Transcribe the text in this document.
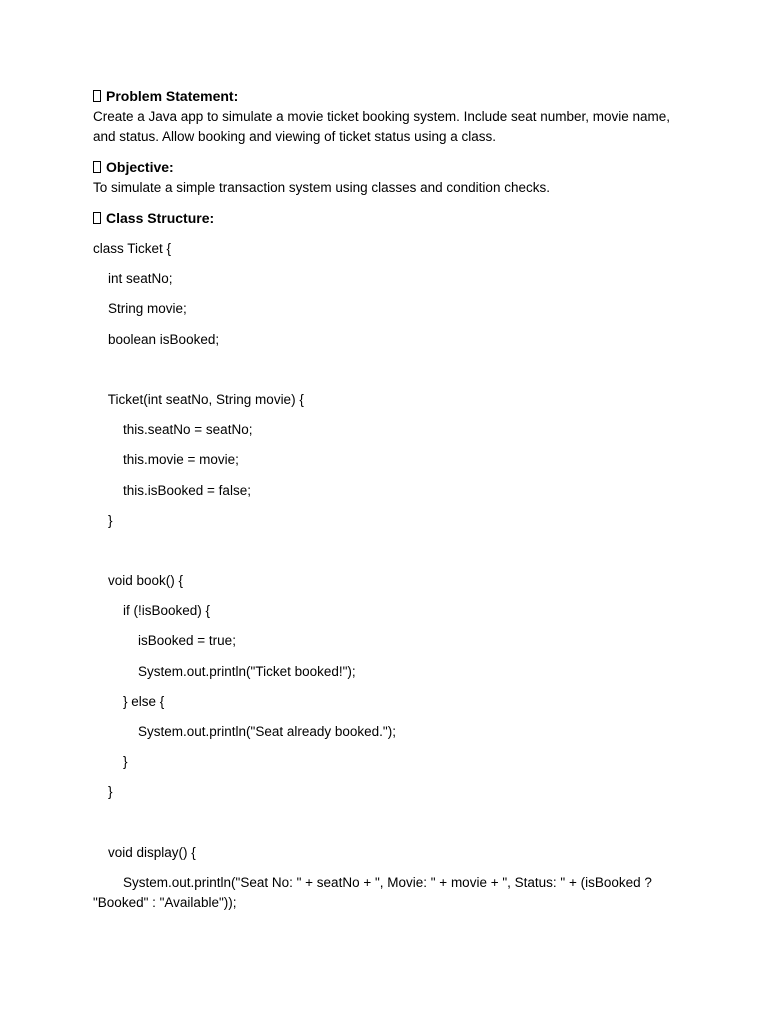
Problem Statement:

Create a Java app to simulate a movie ticket booking system. Include seat number, movie name, and status. Allow booking and viewing of ticket status using a class.

Objective:

To simulate a simple transaction system using classes and condition checks.

Class Structure:
class Ticket {
int seatNo;
String movie;
boolean isBooked;
Ticket(int seatNo, String movie) {
this.seatNo = seatNo;
this.movie = movie;
this.isBooked = false;
}
void book() {
if (!isBooked) {
isBooked = true;
System.out.println("Ticket booked!");
} else {
System.out.println("Seat already booked.");
}
}
void display() {
System.out.println("Seat No: " + seatNo + ", Movie: " + movie + ", Status: " + (isBooked ?
"Booked" : "Available"));
